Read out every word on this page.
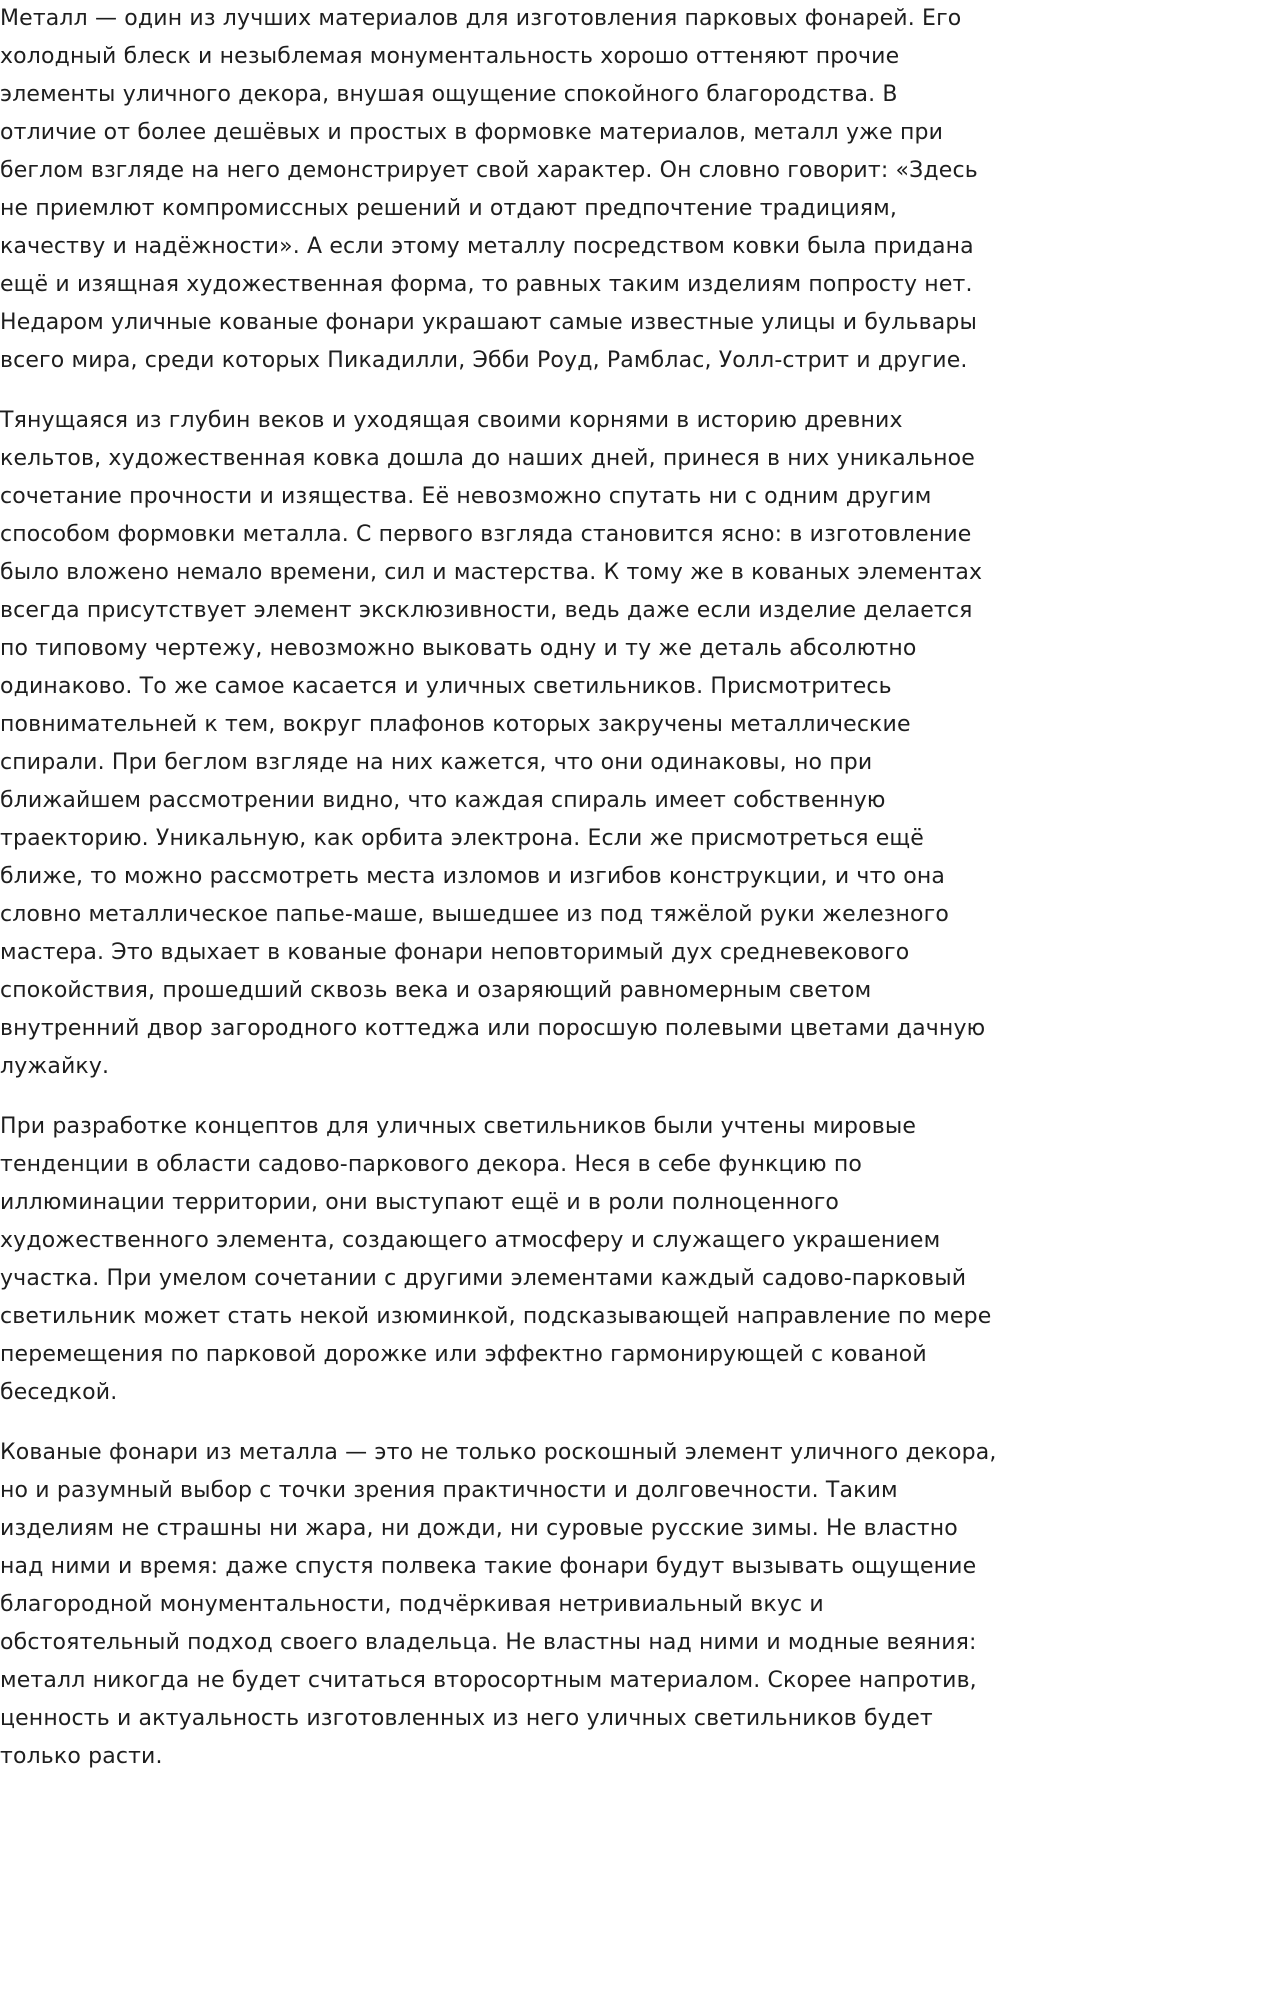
Металл — один из лучших материалов для изготовления парковых фонарей. Его холодный блеск и незыблемая монументальность хорошо оттеняют прочие элементы уличного декора, внушая ощущение спокойного благородства. В отличие от более дешёвых и простых в формовке материалов, металл уже при беглом взгляде на него демонстрирует свой характер. Он словно говорит: «Здесь не приемлют компромиссных решений и отдают предпочтение традициям, качеству и надёжности». А если этому металлу посредством ковки была придана ещё и изящная художественная форма, то равных таким изделиям попросту нет. Недаром уличные кованые фонари украшают самые известные улицы и бульвары всего мира, среди которых Пикадилли, Эбби Роуд, Рамблас, Уолл-стрит и другие.

Тянущаяся из глубин веков и уходящая своими корнями в историю древних кельтов, художественная ковка дошла до наших дней, принеся в них уникальное сочетание прочности и изящества. Её невозможно спутать ни с одним другим способом формовки металла. С первого взгляда становится ясно: в изготовление было вложено немало времени, сил и мастерства. К тому же в кованых элементах всегда присутствует элемент эксклюзивности, ведь даже если изделие делается по типовому чертежу, невозможно выковать одну и ту же деталь абсолютно одинаково. То же самое касается и уличных светильников. Присмотритесь повнимательней к тем, вокруг плафонов которых закручены металлические спирали. При беглом взгляде на них кажется, что они одинаковы, но при ближайшем рассмотрении видно, что каждая спираль имеет собственную траекторию. Уникальную, как орбита электрона. Если же присмотреться ещё ближе, то можно рассмотреть места изломов и изгибов конструкции, и что она словно металлическое папье-маше, вышедшее из под тяжёлой руки железного мастера. Это вдыхает в кованые фонари неповторимый дух средневекового спокойствия, прошедший сквозь века и озаряющий равномерным светом внутренний двор загородного коттеджа или поросшую полевыми цветами дачную лужайку.

При разработке концептов для уличных светильников были учтены мировые тенденции в области садово-паркового декора. Неся в себе функцию по иллюминации территории, они выступают ещё и в роли полноценного художественного элемента, создающего атмосферу и служащего украшением участка. При умелом сочетании с другими элементами каждый садово-парковый светильник может стать некой изюминкой, подсказывающей направление по мере перемещения по парковой дорожке или эффектно гармонирующей с кованой беседкой.

Кованые фонари из металла — это не только роскошный элемент уличного декора, но и разумный выбор с точки зрения практичности и долговечности. Таким изделиям не страшны ни жара, ни дожди, ни суровые русские зимы. Не властно над ними и время: даже спустя полвека такие фонари будут вызывать ощущение благородной монументальности, подчёркивая нетривиальный вкус и обстоятельный подход своего владельца. Не властны над ними и модные веяния: металл никогда не будет считаться второсортным материалом. Скорее напротив, ценность и актуальность изготовленных из него уличных светильников будет только расти.
